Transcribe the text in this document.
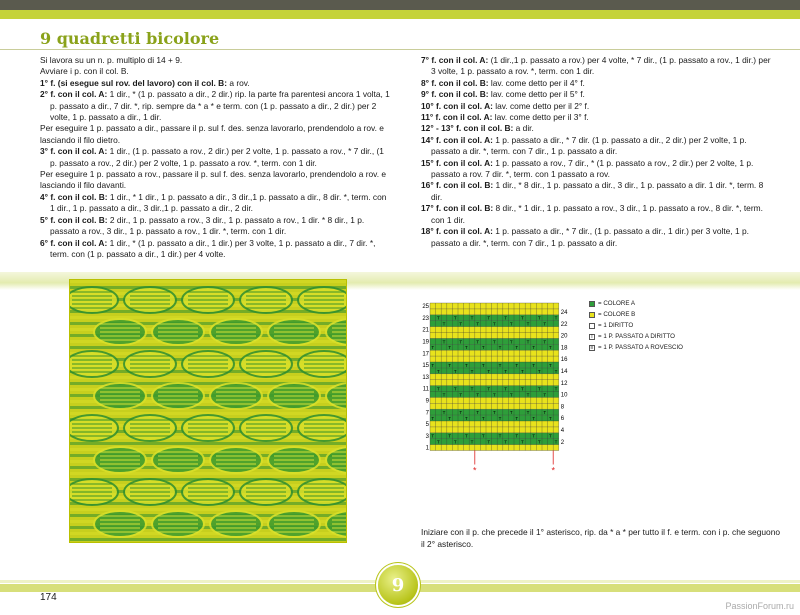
9 quadretti bicolore

Si lavora su un n. p. multiplo di 14 + 9.

Avviare i p. con il col. B.

1° f. (si esegue sul rov. del lavoro) con il col. B: a rov.

2° f. con il col. A: 1 dir., * (1 p. passato a dir., 2 dir.) rip. la parte fra parentesi ancora 1 volta, 1 p. passato a dir., 7 dir. *, rip. sempre da * a * e term. con (1 p. passato a dir., 2 dir.) per 2 volte, 1 p. passato a dir., 1 dir.

Per eseguire 1 p. passato a dir., passare il p. sul f. des. senza lavorarlo, prendendolo a rov. e lasciando il filo dietro.

3° f. con il col. A: 1 dir., (1 p. passato a rov., 2 dir.) per 2 volte, 1 p. passato a rov., * 7 dir., (1 p. passato a rov., 2 dir.) per 2 volte, 1 p. passato a rov. *, term. con 1 dir.

Per eseguire 1 p. passato a rov., passare il p. sul f. des. senza lavorarlo, prendendolo a rov. e lasciando il filo davanti.

4° f. con il col. B: 1 dir., * 1 dir., 1 p. passato a dir., 3 dir.,1 p. passato a dir., 8 dir. *, term. con 1 dir., 1 p. passato a dir., 3 dir.,1 p. passato a dir., 2 dir.

5° f. con il col. B: 2 dir., 1 p. passato a rov., 3 dir., 1 p. passato a rov., 1 dir. * 8 dir., 1 p. passato a rov., 3 dir., 1 p. passato a rov., 1 dir. *, term. con 1 dir.

6° f. con il col. A: 1 dir., * (1 p. passato a dir., 1 dir.) per 3 volte, 1 p. passato a dir., 7 dir. *, term. con (1 p. passato a dir., 1 dir.) per 4 volte.

7° f. con il col. A: (1 dir.,1 p. passato a rov.) per 4 volte, * 7 dir., (1 p. passato a rov., 1 dir.) per 3 volte, 1 p. passato a rov. *, term. con 1 dir.

8° f. con il col. B: lav. come detto per il 4° f.

9° f. con il col. B: lav. come detto per il 5° f.

10° f. con il col. A: lav. come detto per il 2° f.

11° f. con il col. A: lav. come detto per il 3° f.

12° - 13° f. con il col. B: a dir.

14° f. con il col. A: 1 p. passato a dir., * 7 dir. (1 p. passato a dir., 2 dir.) per 2 volte, 1 p. passato a dir. *, term. con 7 dir., 1 p. passato a dir.

15° f. con il col. A: 1 p. passato a rov., 7 dir., * (1 p. passato a rov., 2 dir.) per 2 volte, 1 p. passato a rov. 7 dir. *, term. con 1 passato a rov.

16° f. con il col. B: 1 dir., * 8 dir., 1 p. passato a dir., 3 dir., 1 p. passato a dir. 1 dir. *, term. 8 dir.

17° f. con il col. B: 8 dir., * 1 dir., 1 p. passato a rov., 3 dir., 1 p. passato a rov., 8 dir. *, term. con 1 dir.

18° f. con il col. A: 1 p. passato a dir., * 7 dir., (1 p. passato a dir., 1 dir.) per 3 volte, 1 p. passato a dir. *, term. con 7 dir., 1 p. passato a dir.

T	T	T	T	T	T	T	T
T	T	T	T	T	T	T	T
T	T	T	T	T	T	T	T
T	T	T	T	T	T	T
T	T	T	T	T	T	T
T	T	T	T	T	T	T	T
T	T	T	T	T	T	T	T
T	T	T	T	T	T	T	T
T	T	T	T	T	T	T	T
T	T	T	T	T	T	T
T	T	T	T	T	T	T
T	T	T	T	T	T	T	T
25
23
21
19
17
15
13
11
9
7
5
3
1
24
22
20
18
16
14
12
10
8
6
4
2
*	*
= COLORE A
= COLORE B
= 1 DIRITTO
I = 1 P. PASSATO A DIRITTO
≡ = 1 P. PASSATO A ROVESCIO
Iniziare con il p. che precede il 1° asterisco, rip. da * a * per tutto il f. e term. con i p. che seguono il 2° asterisco.
174
9
PassionForum.ru
